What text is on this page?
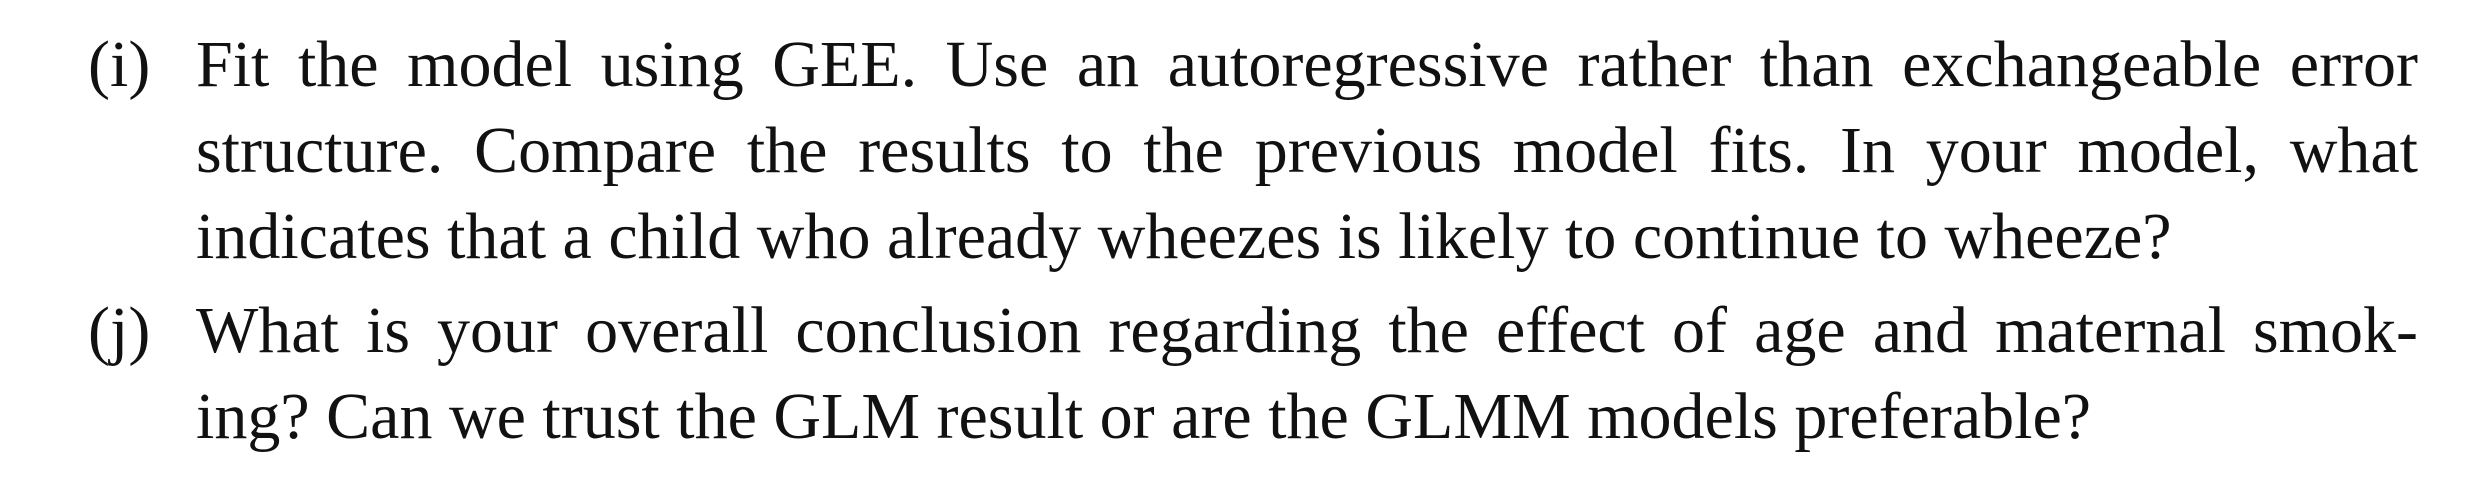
(i) Fit the model using GEE. Use an autoregressive rather than exchangeable error
structure. Compare the results to the previous model fits. In your model, what
indicates that a child who already wheezes is likely to continue to wheeze?
(j) What is your overall conclusion regarding the effect of age and maternal smok-
ing? Can we trust the GLM result or are the GLMM models preferable?
